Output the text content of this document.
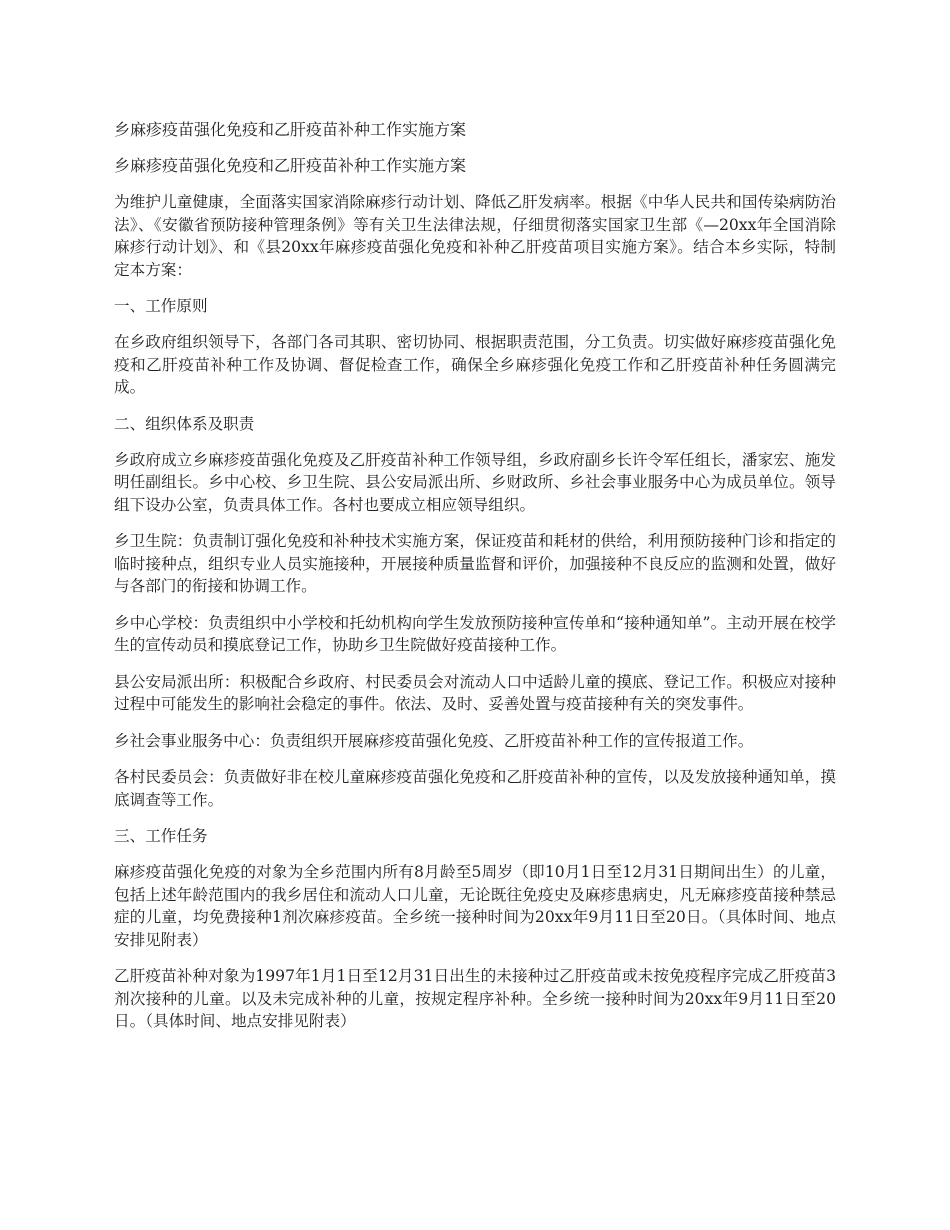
乡麻疹疫苗强化免疫和乙肝疫苗补种工作实施方案
乡麻疹疫苗强化免疫和乙肝疫苗补种工作实施方案
为维护儿童健康，全面落实国家消除麻疹行动计划、降低乙肝发病率。根据《中华人民共和国传染病防治法》、《安徽省预防接种管理条例》等有关卫生法律法规，仔细贯彻落实国家卫生部《—20xx年全国消除麻疹行动计划》、和《县20xx年麻疹疫苗强化免疫和补种乙肝疫苗项目实施方案》。结合本乡实际，特制定本方案：
一、工作原则
在乡政府组织领导下，各部门各司其职、密切协同、根据职责范围，分工负责。切实做好麻疹疫苗强化免疫和乙肝疫苗补种工作及协调、督促检查工作，确保全乡麻疹强化免疫工作和乙肝疫苗补种任务圆满完成。
二、组织体系及职责
乡政府成立乡麻疹疫苗强化免疫及乙肝疫苗补种工作领导组，乡政府副乡长许令军任组长，潘家宏、施发明任副组长。乡中心校、乡卫生院、县公安局派出所、乡财政所、乡社会事业服务中心为成员单位。领导组下设办公室，负责具体工作。各村也要成立相应领导组织。
乡卫生院：负责制订强化免疫和补种技术实施方案，保证疫苗和耗材的供给，利用预防接种门诊和指定的临时接种点，组织专业人员实施接种，开展接种质量监督和评价，加强接种不良反应的监测和处置，做好与各部门的衔接和协调工作。
乡中心学校：负责组织中小学校和托幼机构向学生发放预防接种宣传单和“接种通知单”。主动开展在校学生的宣传动员和摸底登记工作，协助乡卫生院做好疫苗接种工作。
县公安局派出所：积极配合乡政府、村民委员会对流动人口中适龄儿童的摸底、登记工作。积极应对接种过程中可能发生的影响社会稳定的事件。依法、及时、妥善处置与疫苗接种有关的突发事件。
乡社会事业服务中心：负责组织开展麻疹疫苗强化免疫、乙肝疫苗补种工作的宣传报道工作。
各村民委员会：负责做好非在校儿童麻疹疫苗强化免疫和乙肝疫苗补种的宣传，以及发放接种通知单，摸底调查等工作。
三、工作任务
麻疹疫苗强化免疫的对象为全乡范围内所有8月龄至5周岁（即10月1日至12月31日期间出生）的儿童，包括上述年龄范围内的我乡居住和流动人口儿童，无论既往免疫史及麻疹患病史，凡无麻疹疫苗接种禁忌症的儿童，均免费接种1剂次麻疹疫苗。全乡统一接种时间为20xx年9月11日至20日。（具体时间、地点安排见附表）
乙肝疫苗补种对象为1997年1月1日至12月31日出生的未接种过乙肝疫苗或未按免疫程序完成乙肝疫苗3剂次接种的儿童。以及未完成补种的儿童，按规定程序补种。全乡统一接种时间为20xx年9月11日至20日。（具体时间、地点安排见附表）
